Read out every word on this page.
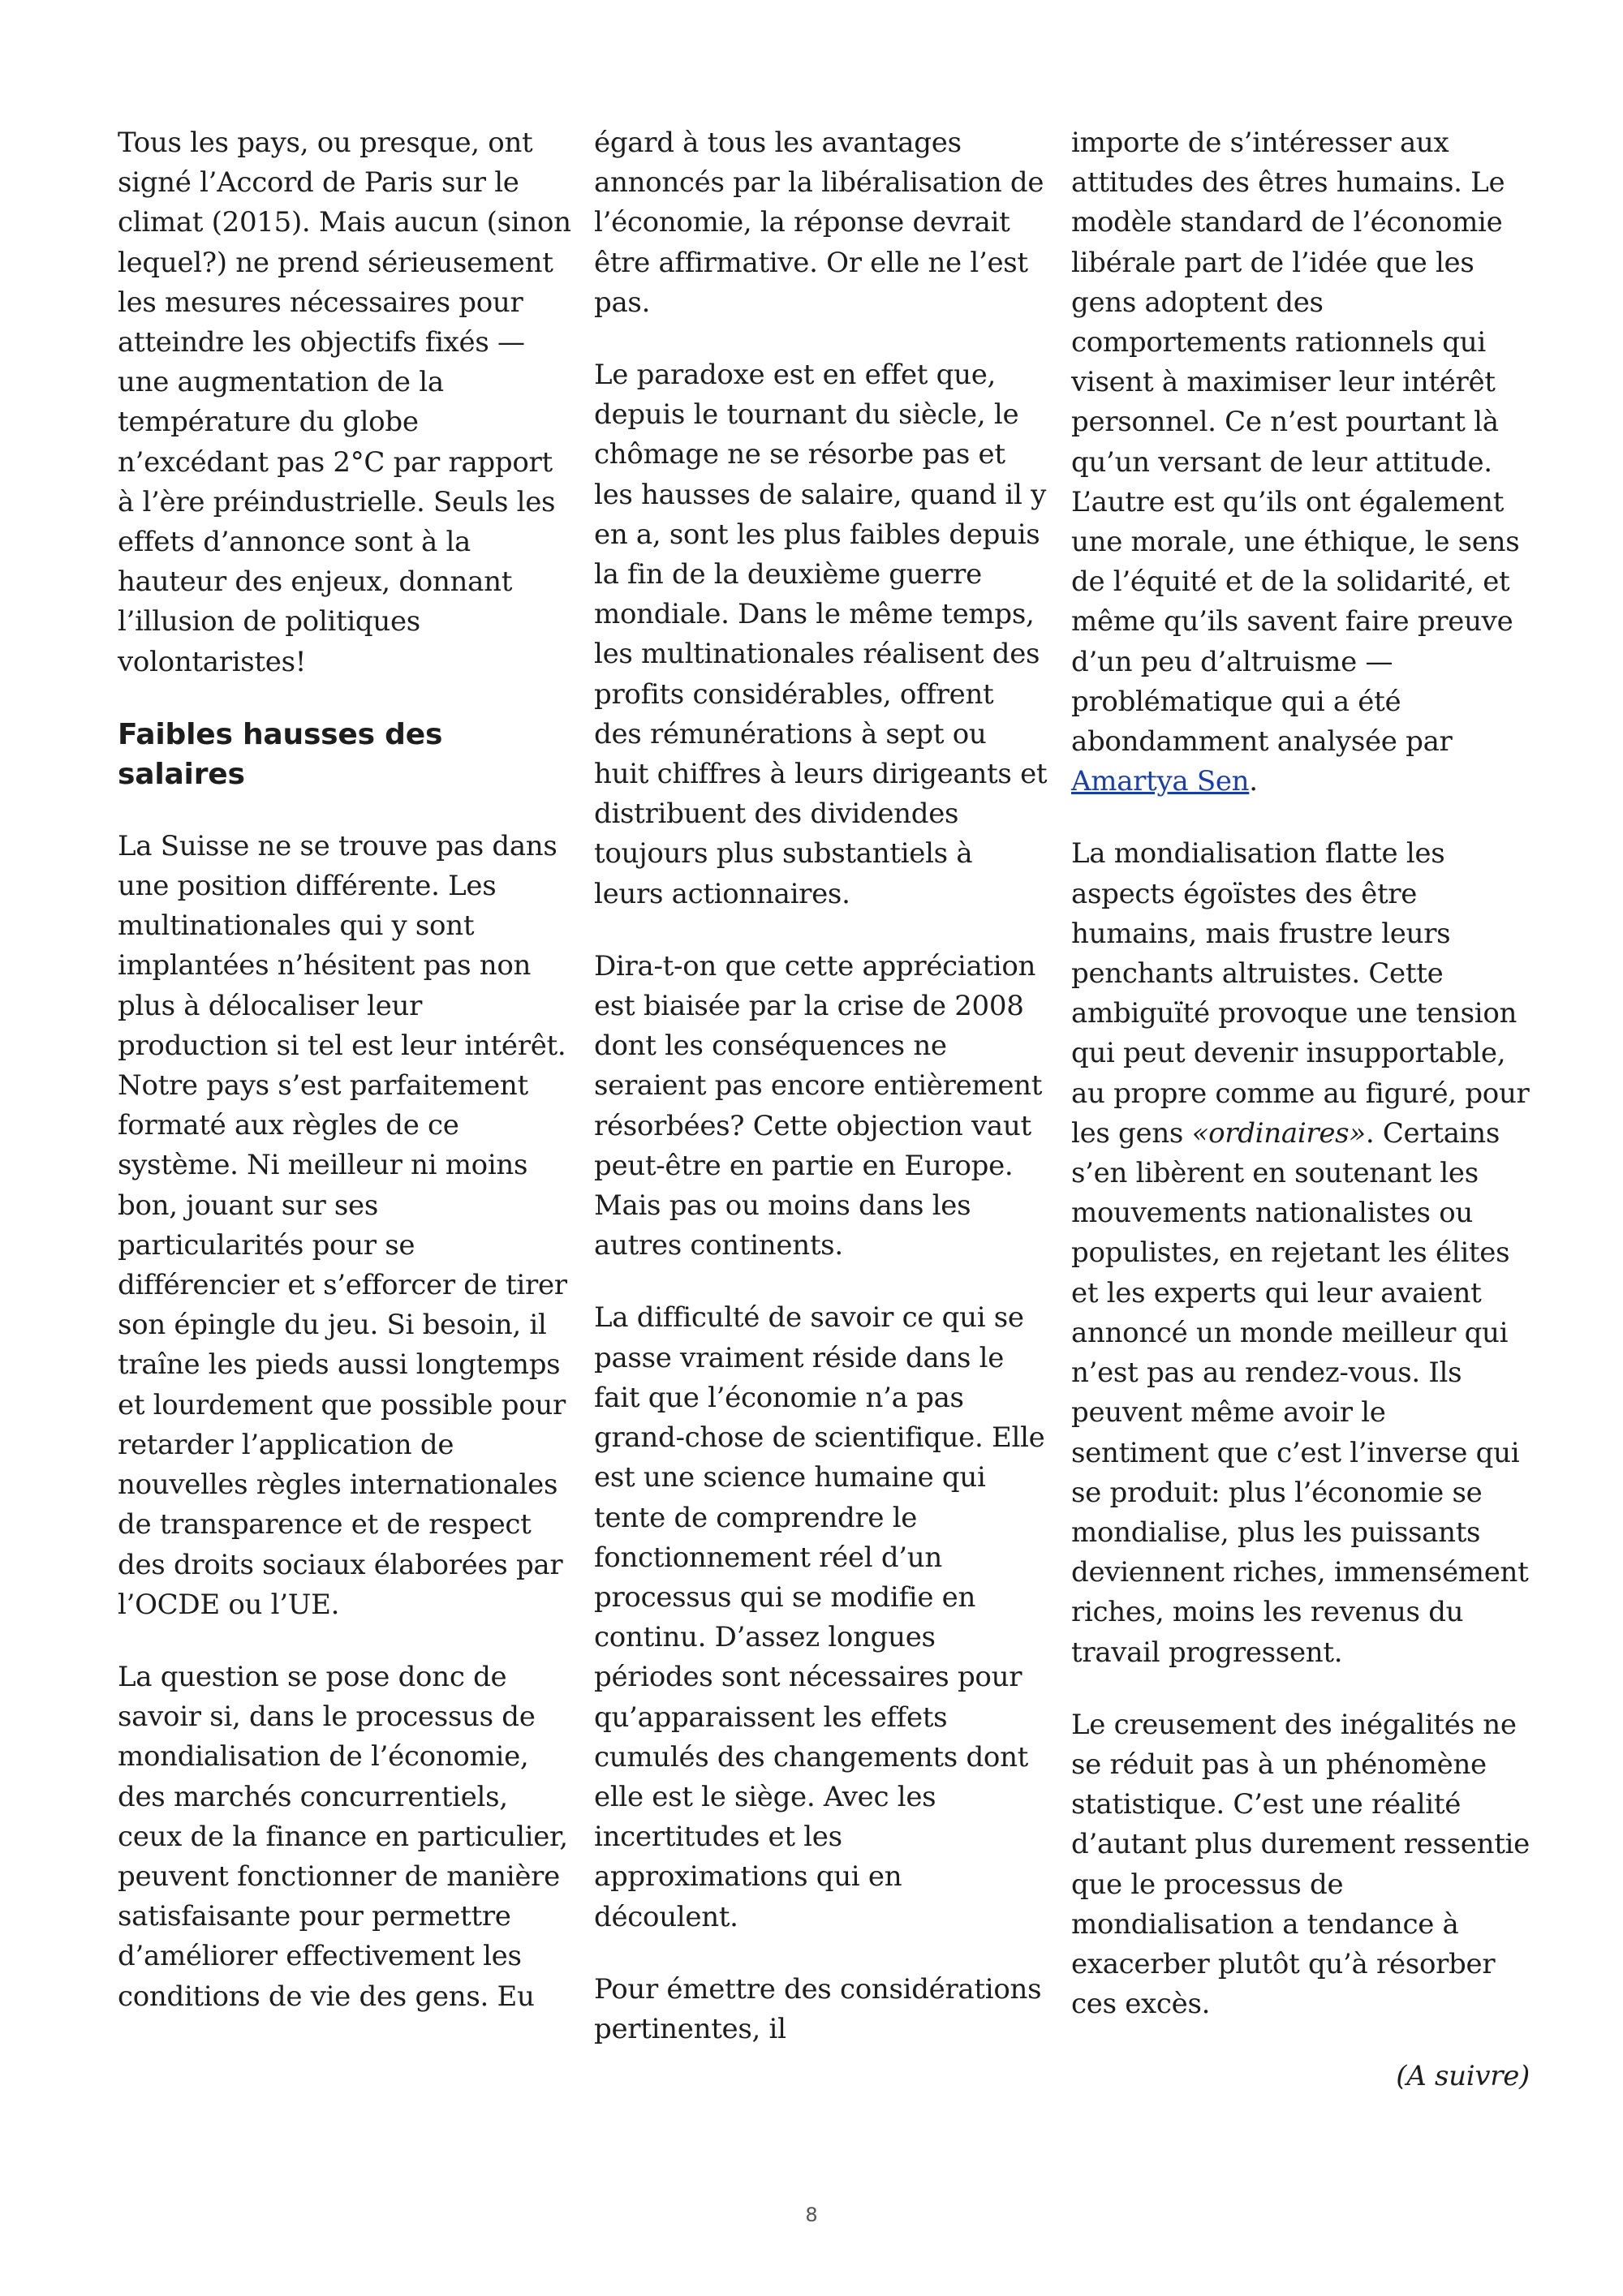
Tous les pays, ou presque, ont signé l’Accord de Paris sur le climat (2015). Mais aucun (sinon lequel?) ne prend sérieusement les mesures nécessaires pour atteindre les objectifs fixés — une augmentation de la température du globe n’excédant pas 2°C par rapport à l’ère préindustrielle. Seuls les effets d’annonce sont à la hauteur des enjeux, donnant l’illusion de politiques volontaristes!

Faibles hausses des salaires

La Suisse ne se trouve pas dans une position différente. Les multinationales qui y sont implantées n’hésitent pas non plus à délocaliser leur production si tel est leur intérêt. Notre pays s’est parfaitement formaté aux règles de ce système. Ni meilleur ni moins bon, jouant sur ses particularités pour se différencier et s’efforcer de tirer son épingle du jeu. Si besoin, il traîne les pieds aussi longtemps et lourdement que possible pour retarder l’application de nouvelles règles internationales de transparence et de respect des droits sociaux élaborées par l’OCDE ou l’UE.

La question se pose donc de savoir si, dans le processus de mondialisation de l’économie, des marchés concurrentiels, ceux de la finance en particulier, peuvent fonctionner de manière satisfaisante pour permettre d’améliorer effectivement les conditions de vie des gens. Eu

égard à tous les avantages annoncés par la libéralisation de l’économie, la réponse devrait être affirmative. Or elle ne l’est pas.

Le paradoxe est en effet que, depuis le tournant du siècle, le chômage ne se résorbe pas et les hausses de salaire, quand il y en a, sont les plus faibles depuis la fin de la deuxième guerre mondiale. Dans le même temps, les multinationales réalisent des profits considérables, offrent des rémunérations à sept ou huit chiffres à leurs dirigeants et distribuent des dividendes toujours plus substantiels à leurs actionnaires.

Dira-t-on que cette appréciation est biaisée par la crise de 2008 dont les conséquences ne seraient pas encore entièrement résorbées? Cette objection vaut peut-être en partie en Europe. Mais pas ou moins dans les autres continents.

La difficulté de savoir ce qui se passe vraiment réside dans le fait que l’économie n’a pas grand-chose de scientifique. Elle est une science humaine qui tente de comprendre le fonctionnement réel d’un processus qui se modifie en continu. D’assez longues périodes sont nécessaires pour qu’apparaissent les effets cumulés des changements dont elle est le siège. Avec les incertitudes et les approximations qui en découlent.

Pour émettre des considérations pertinentes, il

importe de s’intéresser aux attitudes des êtres humains. Le modèle standard de l’économie libérale part de l’idée que les gens adoptent des comportements rationnels qui visent à maximiser leur intérêt personnel. Ce n’est pourtant là qu’un versant de leur attitude. L’autre est qu’ils ont également une morale, une éthique, le sens de l’équité et de la solidarité, et même qu’ils savent faire preuve d’un peu d’altruisme — problématique qui a été abondamment analysée par Amartya Sen.

La mondialisation flatte les aspects égoïstes des être humains, mais frustre leurs penchants altruistes. Cette ambiguïté provoque une tension qui peut devenir insupportable, au propre comme au figuré, pour les gens «ordinaires». Certains s’en libèrent en soutenant les mouvements nationalistes ou populistes, en rejetant les élites et les experts qui leur avaient annoncé un monde meilleur qui n’est pas au rendez-vous. Ils peuvent même avoir le sentiment que c’est l’inverse qui se produit: plus l’économie se mondialise, plus les puissants deviennent riches, immensément riches, moins les revenus du travail progressent.

Le creusement des inégalités ne se réduit pas à un phénomène statistique. C’est une réalité d’autant plus durement ressentie que le processus de mondialisation a tendance à exacerber plutôt qu’à résorber ces excès.

(A suivre)

8
